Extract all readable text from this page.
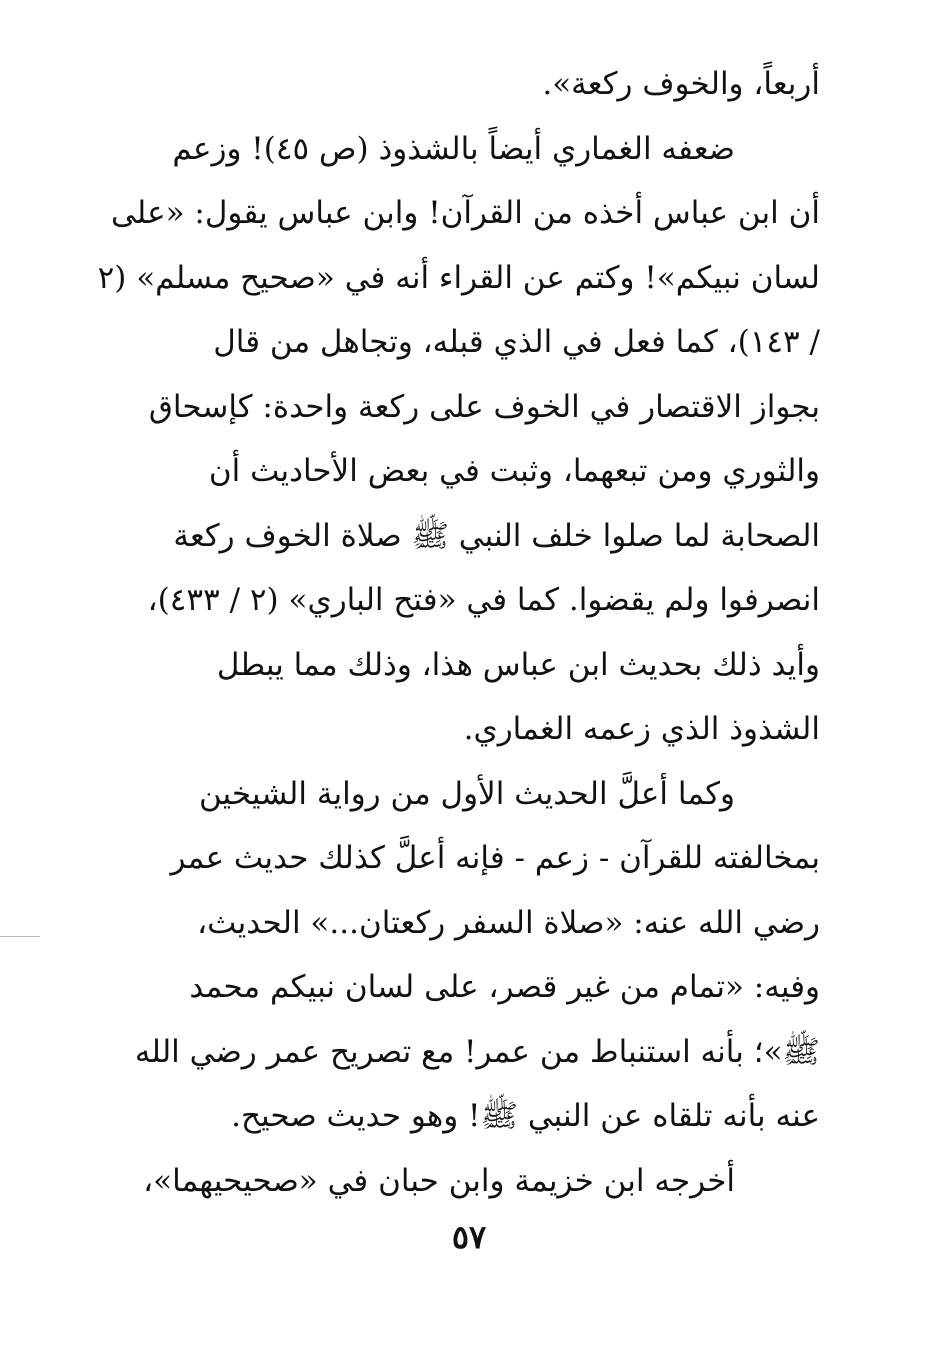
أربعاً، والخوف ركعة».
ضعفه الغماري أيضاً بالشذوذ (ص ٤٥)! وزعم
أن ابن عباس أخذه من القرآن! وابن عباس يقول: «على
لسان نبيكم»! وكتم عن القراء أنه في «صحيح مسلم» (٢
/ ١٤٣)، كما فعل في الذي قبله، وتجاهل من قال
بجواز الاقتصار في الخوف على ركعة واحدة: كإسحاق
والثوري ومن تبعهما، وثبت في بعض الأحاديث أن
الصحابة لما صلوا خلف النبي ﷺ صلاة الخوف ركعة
انصرفوا ولم يقضوا. كما في «فتح الباري» (٢ / ٤٣٣)،
وأيد ذلك بحديث ابن عباس هذا، وذلك مما يبطل
الشذوذ الذي زعمه الغماري.
وكما أعلَّ الحديث الأول من رواية الشيخين
بمخالفته للقرآن - زعم - فإنه أعلَّ كذلك حديث عمر
رضي الله عنه: «صلاة السفر ركعتان...» الحديث،
وفيه: «تمام من غير قصر، على لسان نبيكم محمد
ﷺ»؛ بأنه استنباط من عمر! مع تصريح عمر رضي الله
عنه بأنه تلقاه عن النبي ﷺ! وهو حديث صحيح.
أخرجه ابن خزيمة وابن حبان في «صحيحيهما»،
٥٧
